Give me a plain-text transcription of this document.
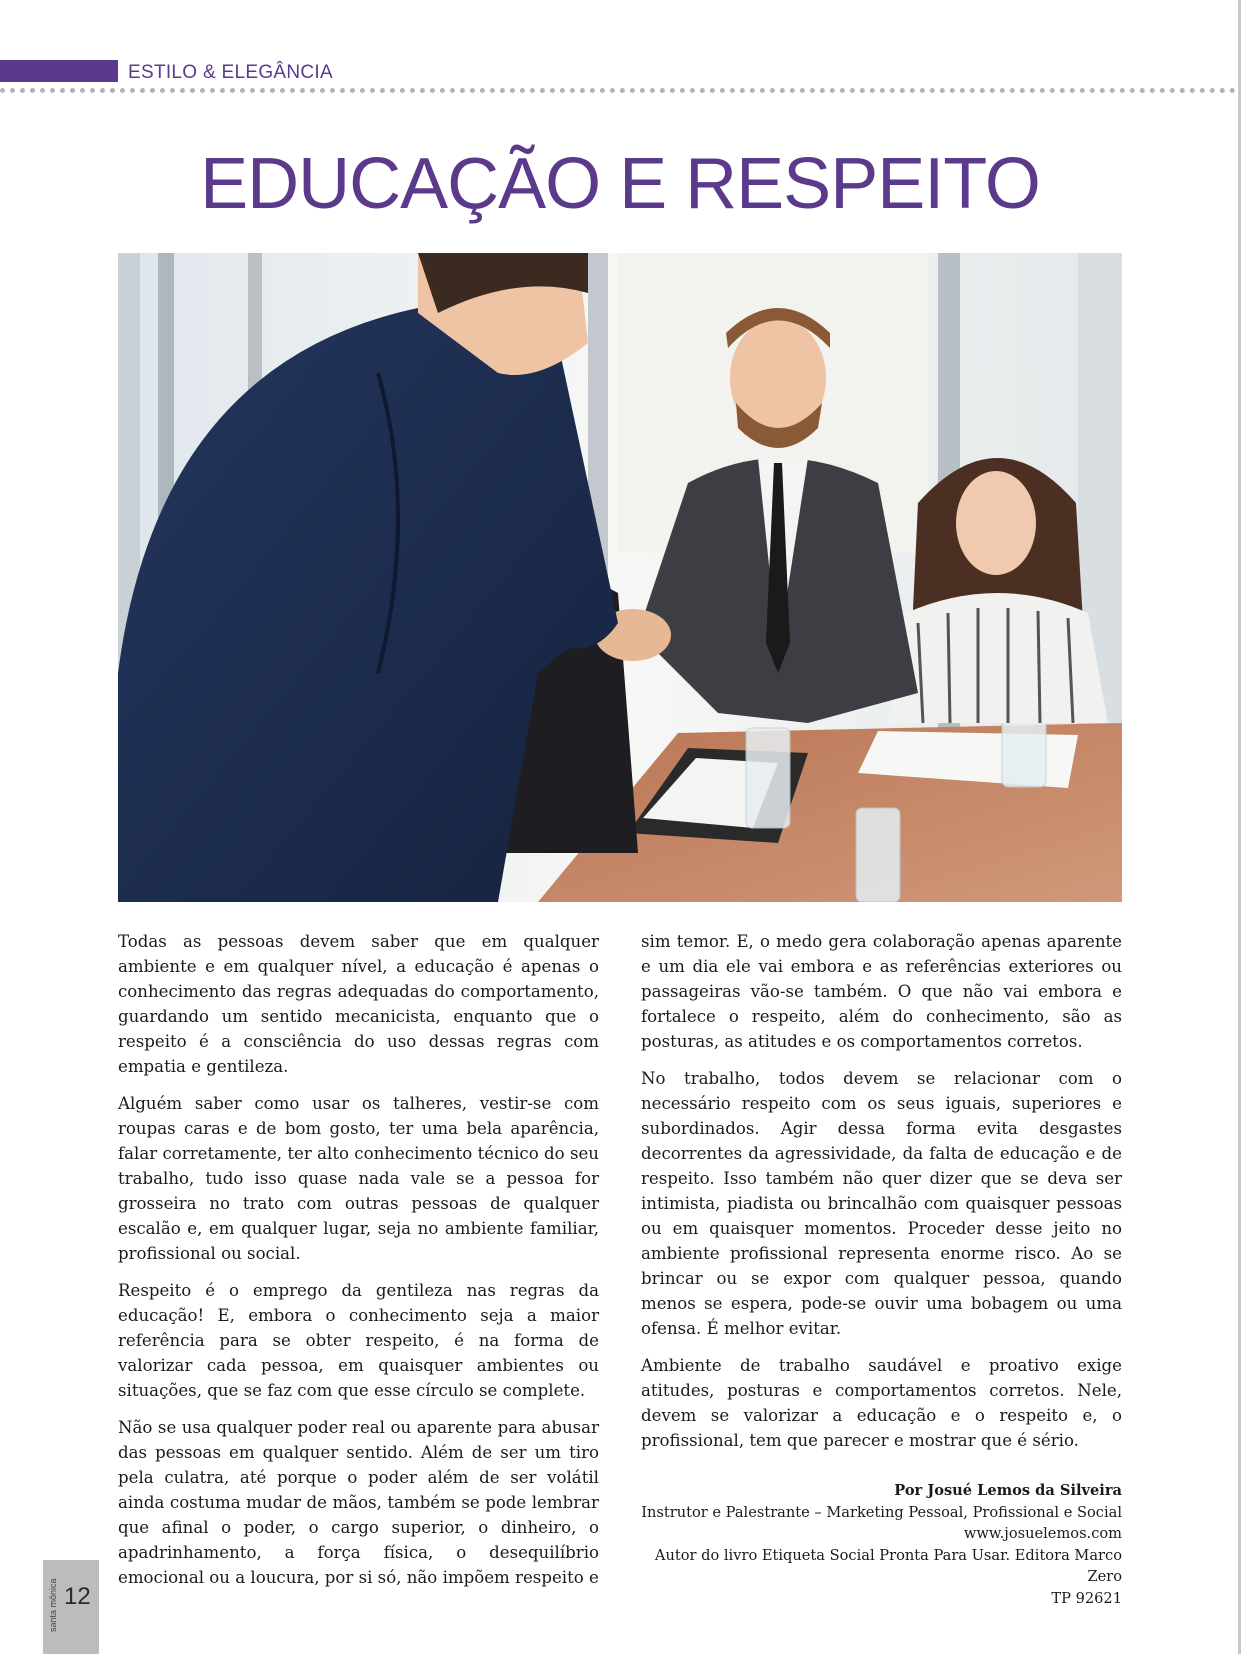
ESTILO & ELEGÂNCIA
EDUCAÇÃO E RESPEITO

Todas as pessoas devem saber que em qualquer ambiente e em qualquer nível, a educação é apenas o conhecimento das regras adequadas do comportamento, guardando um sentido mecanicista, enquanto que o respeito é a consciência do uso dessas regras com empatia e gentileza.

Alguém saber como usar os talheres, vestir-se com roupas caras e de bom gosto, ter uma bela aparência, falar corretamente, ter alto conhecimento técnico do seu trabalho, tudo isso quase nada vale se a pessoa for grosseira no trato com outras pessoas de qualquer escalão e, em qualquer lugar, seja no ambiente familiar, profissional ou social.

Respeito é o emprego da gentileza nas regras da educação! E, embora o conhecimento seja a maior referência para se obter respeito, é na forma de valorizar cada pessoa, em quaisquer ambientes ou situações, que se faz com que esse círculo se complete.

Não se usa qualquer poder real ou aparente para abusar das pessoas em qualquer sentido. Além de ser um tiro pela culatra, até porque o poder além de ser volátil ainda costuma mudar de mãos, também se pode lembrar que afinal o poder, o cargo superior, o dinheiro, o apadrinhamento, a força física, o desequilíbrio emocional ou a loucura, por si só, não impõem respeito e

sim temor. E, o medo gera colaboração apenas aparente e um dia ele vai embora e as referências exteriores ou passageiras vão-se também. O que não vai embora e fortalece o respeito, além do conhecimento, são as posturas, as atitudes e os comportamentos corretos.

No trabalho, todos devem se relacionar com o necessário respeito com os seus iguais, superiores e subordinados. Agir dessa forma evita desgastes decorrentes da agressividade, da falta de educação e de respeito. Isso também não quer dizer que se deva ser intimista, piadista ou brincalhão com quaisquer pessoas ou em quaisquer momentos. Proceder desse jeito no ambiente profissional representa enorme risco. Ao se brincar ou se expor com qualquer pessoa, quando menos se espera, pode-se ouvir uma bobagem ou uma ofensa. É melhor evitar.

Ambiente de trabalho saudável e proativo exige atitudes, posturas e comportamentos corretos. Nele, devem se valorizar a educação e o respeito e, o profissional, tem que parecer e mostrar que é sério.

Por Josué Lemos da Silveira
Instrutor e Palestrante – Marketing Pessoal, Profissional e Social
www.josuelemos.com
Autor do livro Etiqueta Social Pronta Para Usar. Editora Marco Zero
TP 92621
12
santa mônica
